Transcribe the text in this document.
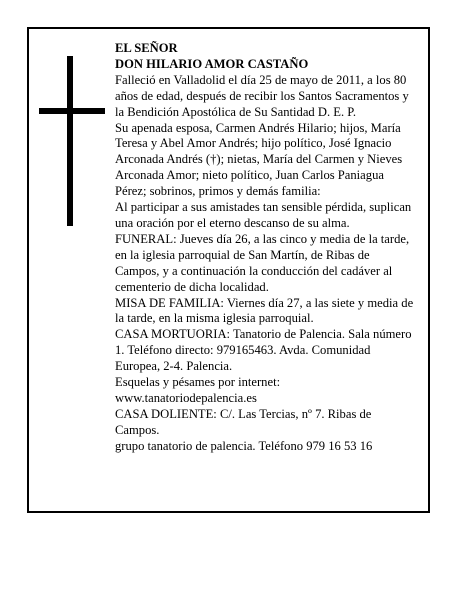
EL SEÑOR
DON HILARIO AMOR CASTAÑO

Falleció en Valladolid el día 25 de mayo de 2011, a los 80 años de edad, después de recibir los Santos Sacramentos y la Bendición Apostólica de Su Santidad D. E. P.

Su apenada esposa, Carmen Andrés Hilario; hijos, María Teresa y Abel Amor Andrés; hijo político, José Ignacio Arconada Andrés (†); nietas, María del Carmen y Nieves Arconada Amor; nieto político, Juan Carlos Paniagua Pérez; sobrinos, primos y demás familia:

Al participar a sus amistades tan sensible pérdida, suplican una oración por el eterno descanso de su alma.

FUNERAL: Jueves día 26, a las cinco y media de la tarde, en la iglesia parroquial de San Martín, de Ribas de Campos, y a continuación la conducción del cadáver al cementerio de dicha localidad.

MISA DE FAMILIA: Viernes día 27, a las siete y media de la tarde, en la misma iglesia parroquial.

CASA MORTUORIA: Tanatorio de Palencia. Sala número 1. Teléfono directo: 979165463. Avda. Comunidad Europea, 2-4. Palencia.

Esquelas y pésames por internet: www.tanatoriodepalencia.es

CASA DOLIENTE: C/. Las Tercias, nº 7. Ribas de Campos.

grupo tanatorio de palencia. Teléfono 979 16 53 16
